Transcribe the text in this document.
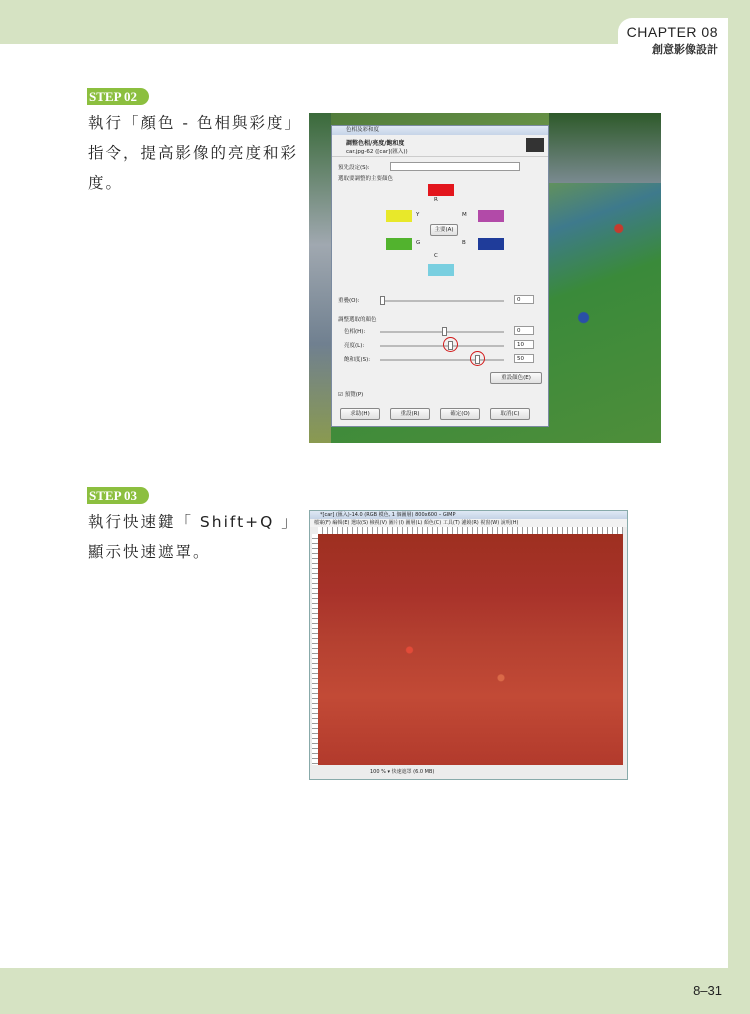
CHAPTER 08
創意影像設計
STEP 02
執行「顏色 - 色相與彩度」指令，提高影像的亮度和彩度。
色相及彩和度
調整色相/亮度/飽和度
car.jpg-62 ([car](匯入))
預先設定(S):
選取要調整的主要顏色
R
Y	M
G	B
C
主要(A)
重疊(O):	0
調整選取的顏色
色相(H):	0
亮度(L):	10
飽和度(S):	50
重設顏色(E)
☑ 預覽(P)
求助(H)	重設(R)	確定(O)	取消(C)
STEP 03
執行快速鍵「 Shift+Q 」顯示快速遮罩。
*[car] (匯入)-14.0 (RGB 模色, 1 個圖層) 800x600 – GIMP
檔案(F) 編輯(E) 選取(S) 檢視(V) 圖片(I) 圖層(L) 顏色(C) 工具(T) 濾鏡(R) 視窗(W) 說明(H)
100 % ▾ 快速遮罩 (6.0 MB)
8–31
